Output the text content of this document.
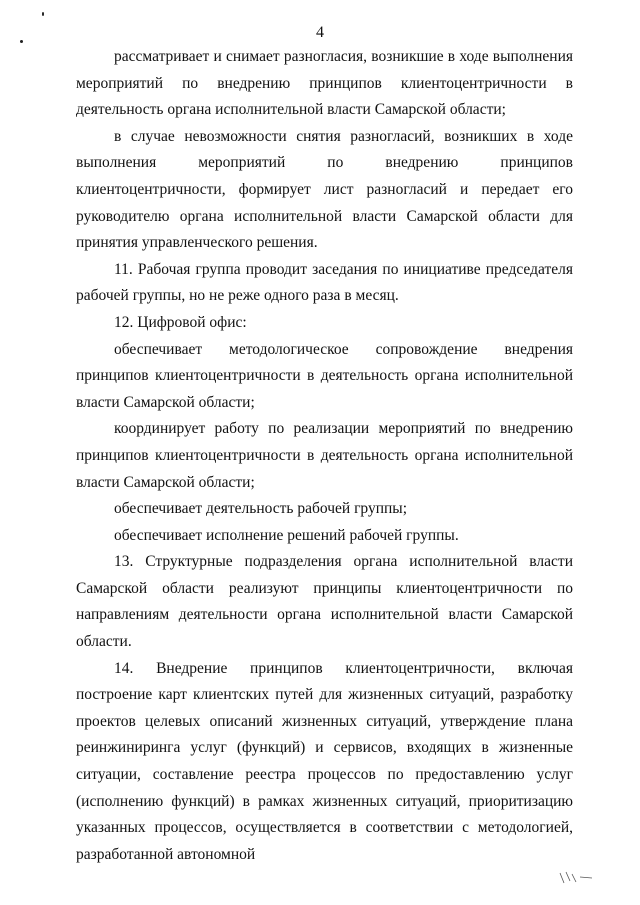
4

рассматривает и снимает разногласия, возникшие в ходе выполнения мероприятий по внедрению принципов клиентоцентричности в деятельность органа исполнительной власти Самарской области;

в случае невозможности снятия разногласий, возникших в ходе выполнения мероприятий по внедрению принципов клиентоцентричности, формирует лист разногласий и передает его руководителю органа исполнительной власти Самарской области для принятия управленческого решения.

11. Рабочая группа проводит заседания по инициативе председателя рабочей группы, но не реже одного раза в месяц.

12. Цифровой офис:

обеспечивает методологическое сопровождение внедрения принципов клиентоцентричности в деятельность органа исполнительной власти Самарской области;

координирует работу по реализации мероприятий по внедрению принципов клиентоцентричности в деятельность органа исполнительной власти Самарской области;

обеспечивает деятельность рабочей группы;

обеспечивает исполнение решений рабочей группы.

13. Структурные подразделения органа исполнительной власти Самарской области реализуют принципы клиентоцентричности по направлениям деятельности органа исполнительной власти Самарской области.

14. Внедрение принципов клиентоцентричности, включая построение карт клиентских путей для жизненных ситуаций, разработку проектов целевых описаний жизненных ситуаций, утверждение плана реинжиниринга услуг (функций) и сервисов, входящих в жизненные ситуации, составление реестра процессов по предоставлению услуг (исполнению функций) в рамках жизненных ситуаций, приоритизацию указанных процессов, осуществляется в соответствии с методологией, разработанной автономной
